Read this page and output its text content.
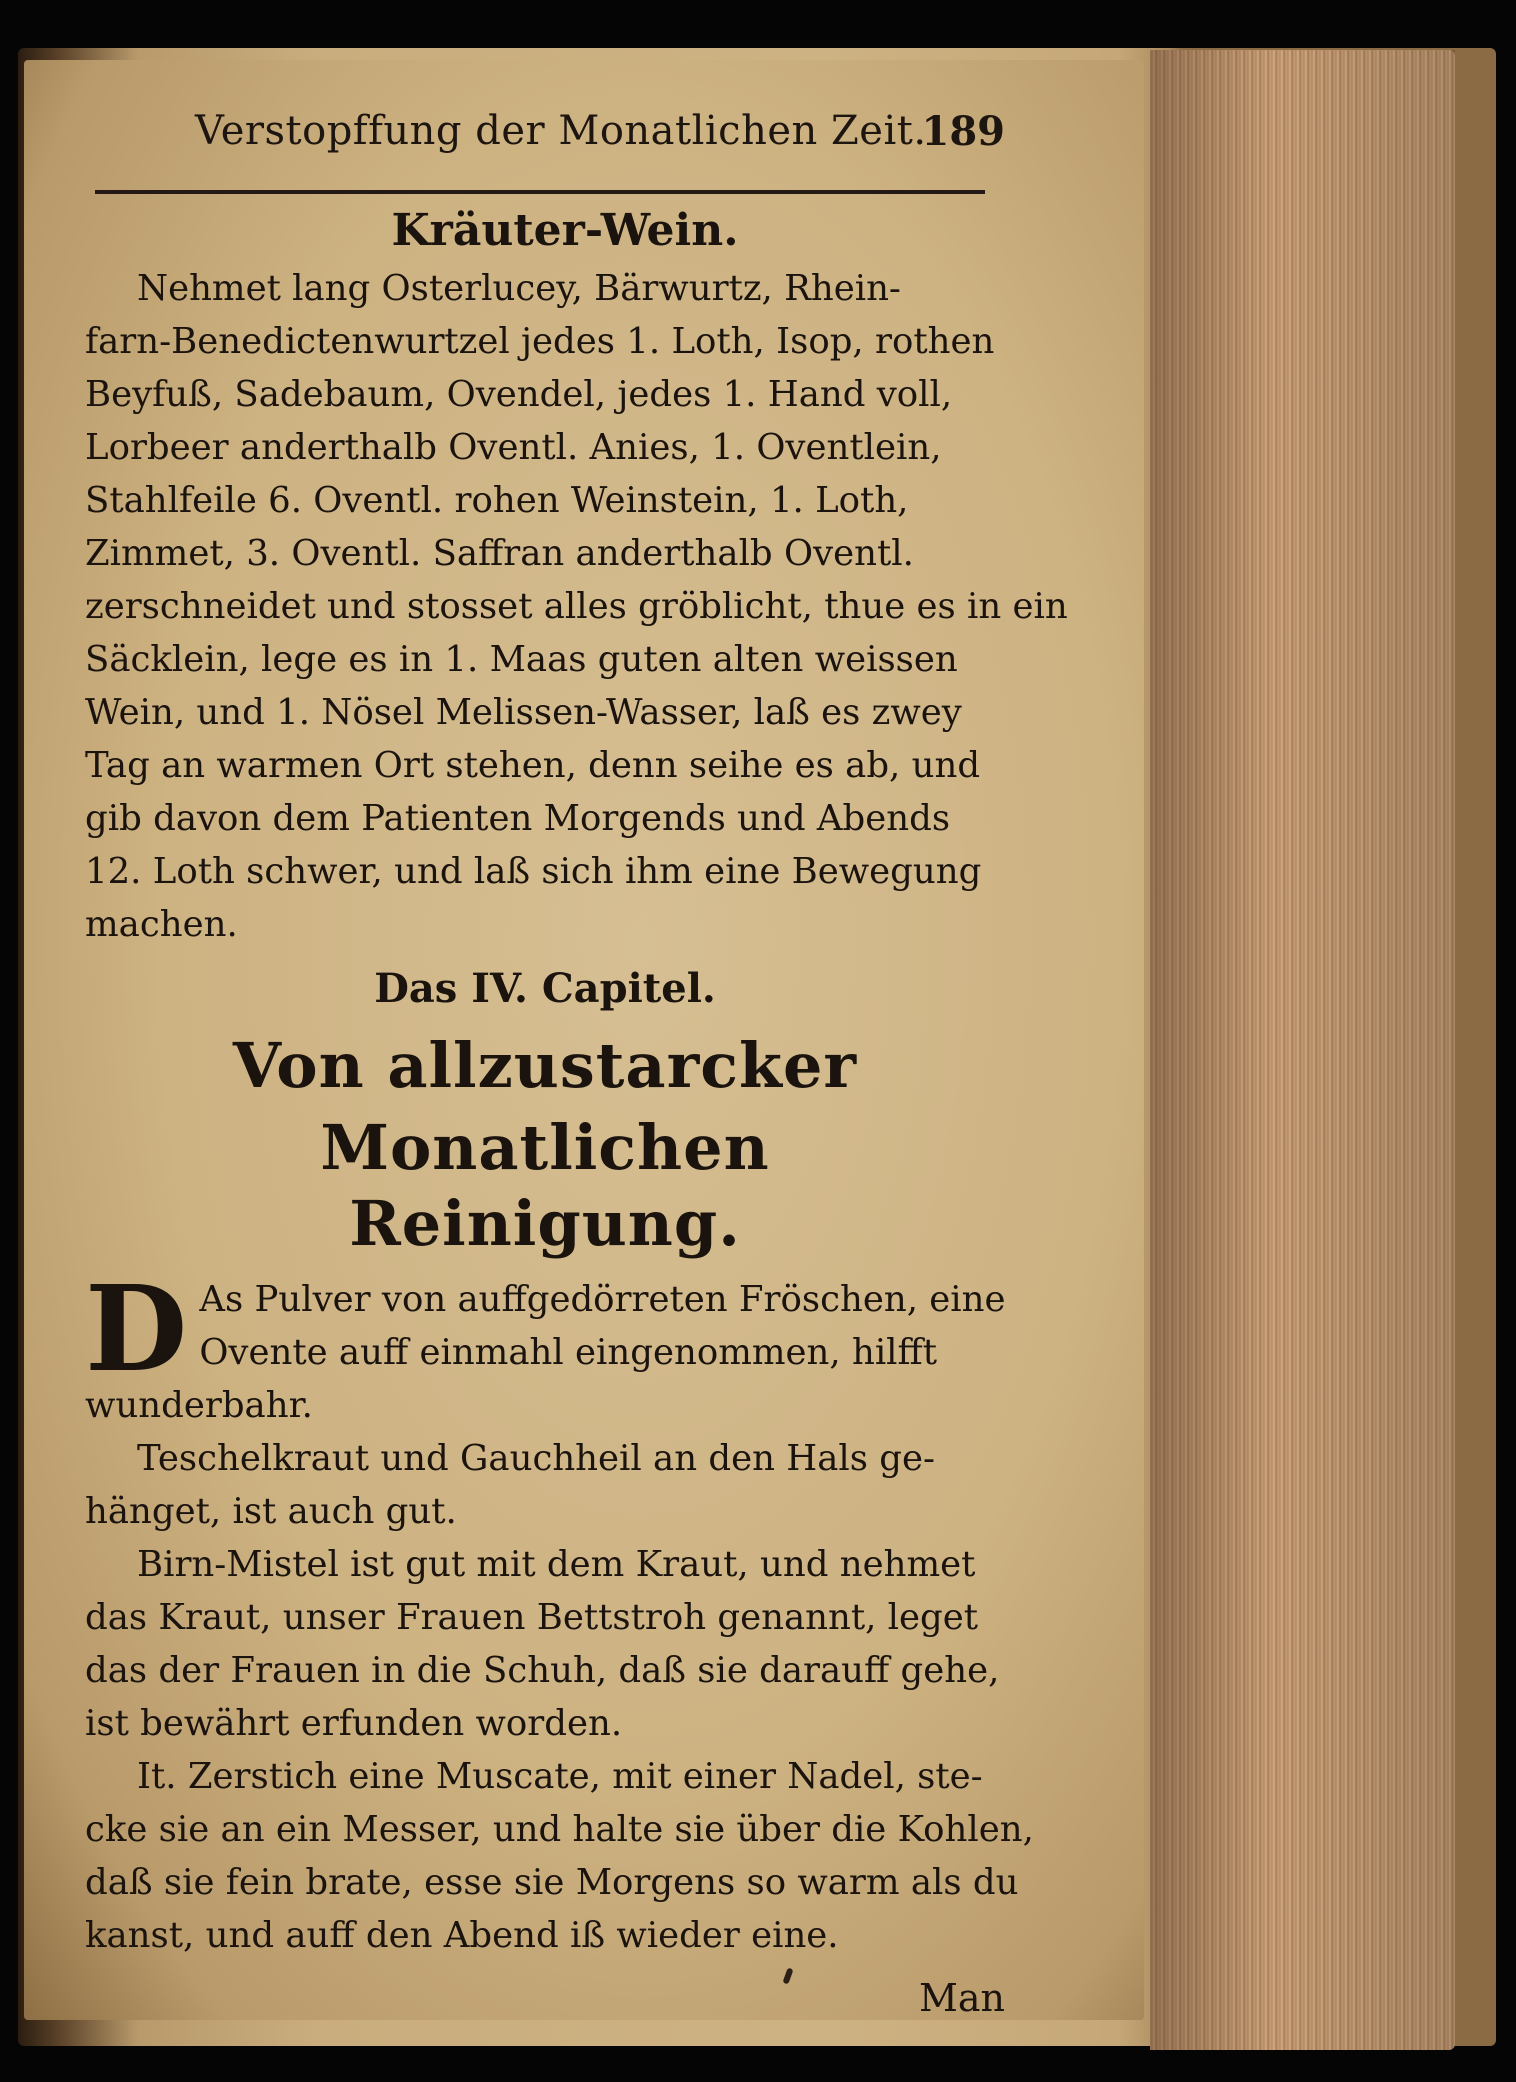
Verstopffung der Monatlichen Zeit.
189

Kräuter-Wein.

Nehmet lang Osterlucey, Bärwurtz, Rhein-
farn-Benedictenwurtzel jedes 1. Loth, Isop, rothen
Beyfuß, Sadebaum, Ovendel, jedes 1. Hand voll,
Lorbeer anderthalb Oventl. Anies, 1. Oventlein,
Stahlfeile 6. Oventl. rohen Weinstein, 1. Loth,
Zimmet, 3. Oventl. Saffran anderthalb Oventl.
zerschneidet und stosset alles gröblicht, thue es in ein
Säcklein, lege es in 1. Maas guten alten weissen
Wein, und 1. Nösel Melissen-Wasser, laß es zwey
Tag an warmen Ort stehen, denn seihe es ab, und
gib davon dem Patienten Morgends und Abends
12. Loth schwer, und laß sich ihm eine Bewegung
machen.

Das IV. Capitel.

Von allzustarcker Monatlichen

Reinigung.

D As Pulver von auffgedörreten Fröschen, eine
Ovente auff einmahl eingenommen, hilfft
wunderbahr.
Teschelkraut und Gauchheil an den Hals ge-
hänget, ist auch gut.
Birn-Mistel ist gut mit dem Kraut, und nehmet
das Kraut, unser Frauen Bettstroh genannt, leget
das der Frauen in die Schuh, daß sie darauff gehe,
ist bewährt erfunden worden.
It. Zerstich eine Muscate, mit einer Nadel, ste-
cke sie an ein Messer, und halte sie über die Kohlen,
daß sie fein brate, esse sie Morgens so warm als du
kanst, und auff den Abend iß wieder eine.
Man
